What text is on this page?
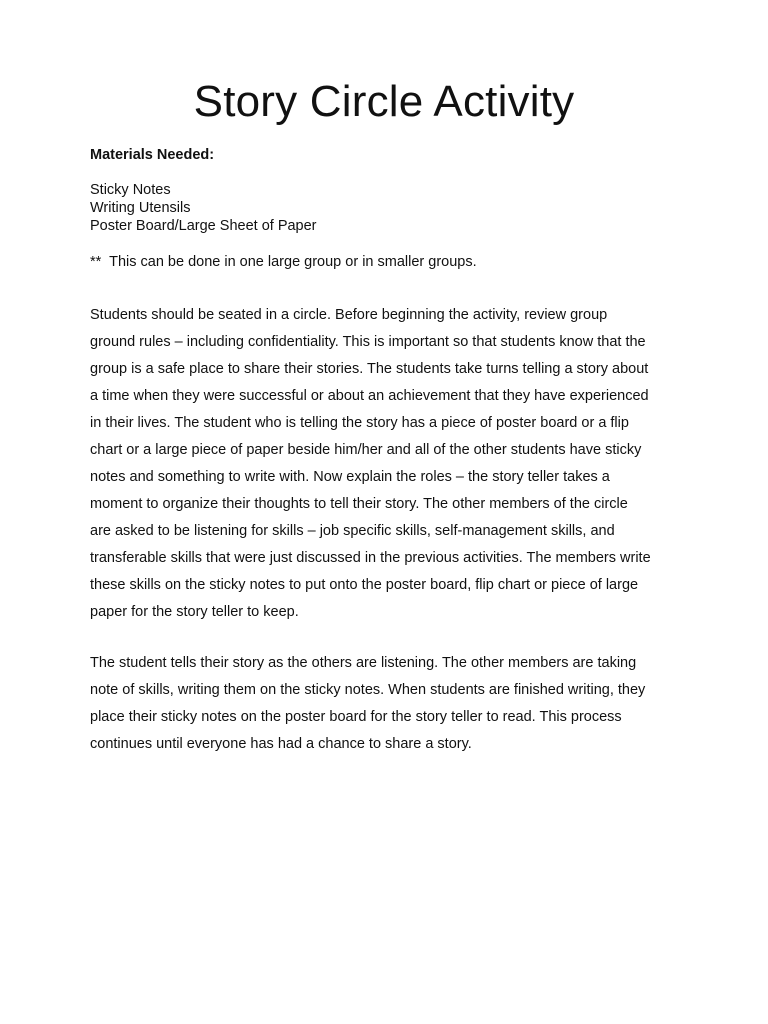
Story Circle Activity

Materials Needed:

Sticky Notes
Writing Utensils
Poster Board/Large Sheet of Paper

**  This can be done in one large group or in smaller groups.

Students should be seated in a circle. Before beginning the activity, review group
ground rules – including confidentiality. This is important so that students know that the
group is a safe place to share their stories. The students take turns telling a story about
a time when they were successful or about an achievement that they have experienced
in their lives. The student who is telling the story has a piece of poster board or a flip
chart or a large piece of paper beside him/her and all of the other students have sticky
notes and something to write with. Now explain the roles – the story teller takes a
moment to organize their thoughts to tell their story. The other members of the circle
are asked to be listening for skills – job specific skills, self-management skills, and
transferable skills that were just discussed in the previous activities. The members write
these skills on the sticky notes to put onto the poster board, flip chart or piece of large
paper for the story teller to keep.

The student tells their story as the others are listening. The other members are taking
note of skills, writing them on the sticky notes. When students are finished writing, they
place their sticky notes on the poster board for the story teller to read. This process
continues until everyone has had a chance to share a story.
